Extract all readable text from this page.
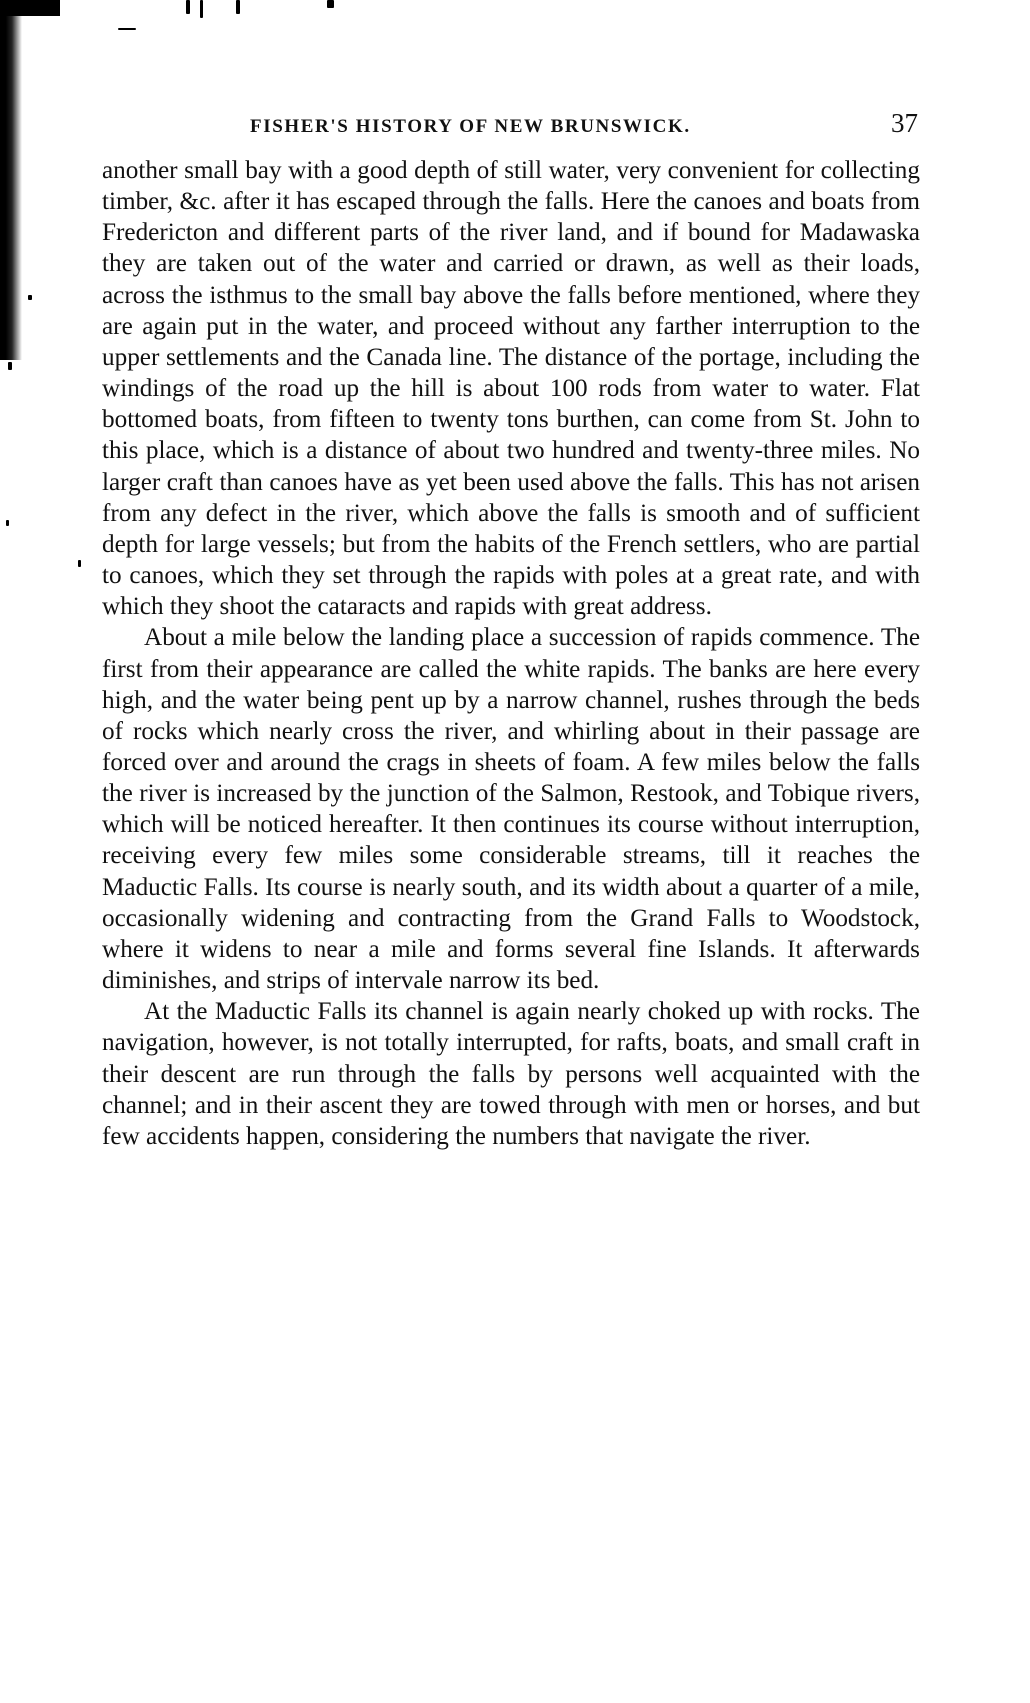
FISHER'S HISTORY OF NEW BRUNSWICK.	37

another small bay with a good depth of still water, very convenient for collecting timber, &c. after it has escaped through the falls. Here the canoes and boats from Fredericton and different parts of the river land, and if bound for Madawaska they are taken out of the water and carried or drawn, as well as their loads, across the isthmus to the small bay above the falls before mentioned, where they are again put in the water, and proceed without any farther interruption to the upper settlements and the Canada line. The distance of the portage, including the windings of the road up the hill is about 100 rods from water to water. Flat bottomed boats, from fifteen to twenty tons burthen, can come from St. John to this place, which is a distance of about two hundred and twenty-three miles. No larger craft than canoes have as yet been used above the falls. This has not arisen from any defect in the river, which above the falls is smooth and of sufficient depth for large vessels; but from the habits of the French settlers, who are partial to canoes, which they set through the rapids with poles at a great rate, and with which they shoot the cataracts and rapids with great address.

About a mile below the landing place a succession of rapids commence. The first from their appearance are called the white rapids. The banks are here every high, and the water being pent up by a narrow channel, rushes through the beds of rocks which nearly cross the river, and whirling about in their passage are forced over and around the crags in sheets of foam. A few miles below the falls the river is increased by the junction of the Salmon, Restook, and Tobique rivers, which will be noticed hereafter. It then continues its course without interruption, receiving every few miles some considerable streams, till it reaches the Maductic Falls. Its course is nearly south, and its width about a quarter of a mile, occasionally widening and contracting from the Grand Falls to Woodstock, where it widens to near a mile and forms several fine Islands. It afterwards diminishes, and strips of intervale narrow its bed.

At the Maductic Falls its channel is again nearly choked up with rocks. The navigation, however, is not totally interrupted, for rafts, boats, and small craft in their descent are run through the falls by persons well acquainted with the channel; and in their ascent they are towed through with men or horses, and but few accidents happen, considering the numbers that navigate the river.
